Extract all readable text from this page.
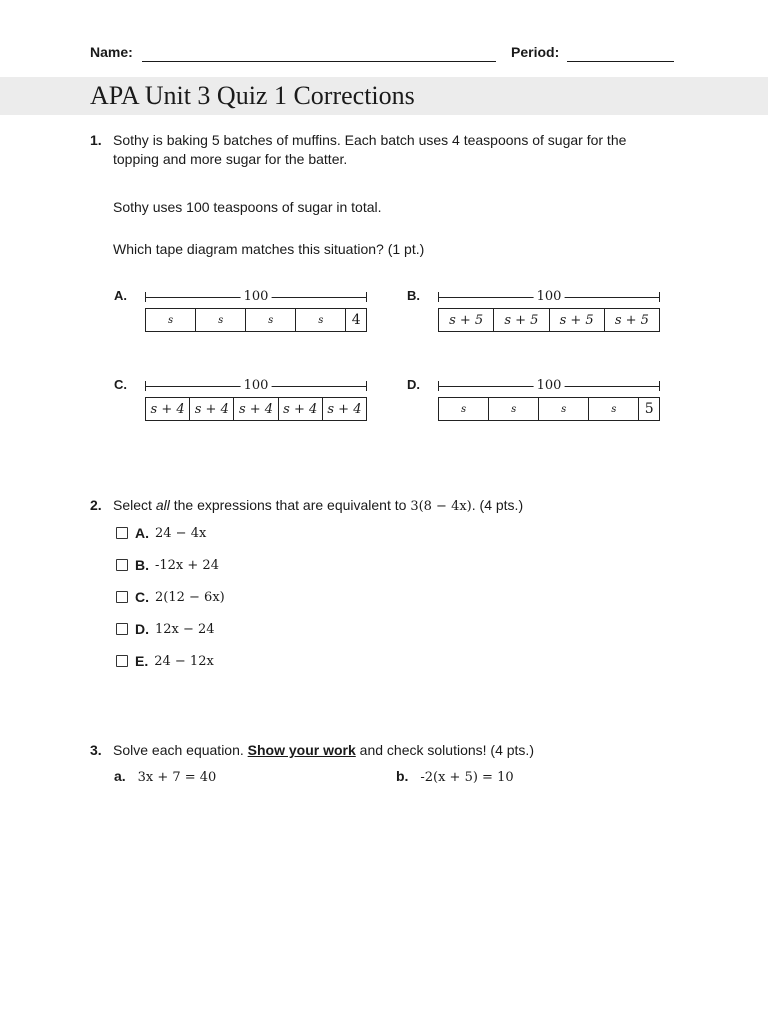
Name:	Period:
APA Unit 3 Quiz 1 Corrections
1. Sothy is baking 5 batches of muffins. Each batch uses 4 teaspoons of sugar for the
topping and more sugar for the batter.
Sothy uses 100 teaspoons of sugar in total.
Which tape diagram matches this situation? (1 pt.)
A.	100
s	s	s	s	4
B.	100
s + 5	s + 5	s + 5	s + 5
C.	100
s + 4 s + 4 s + 4 s + 4 s + 4
D.	100
s	s	s	s	5
2. Select all the expressions that are equivalent to 3(8 − 4x). (4 pts.)
A. 24 − 4x
B. -12x + 24
C. 2(12 − 6x)
D. 12x − 24
E. 24 − 12x
3. Solve each equation. Show your work and check solutions! (4 pts.)
a. 3x + 7 = 40	b. -2(x + 5) = 10
